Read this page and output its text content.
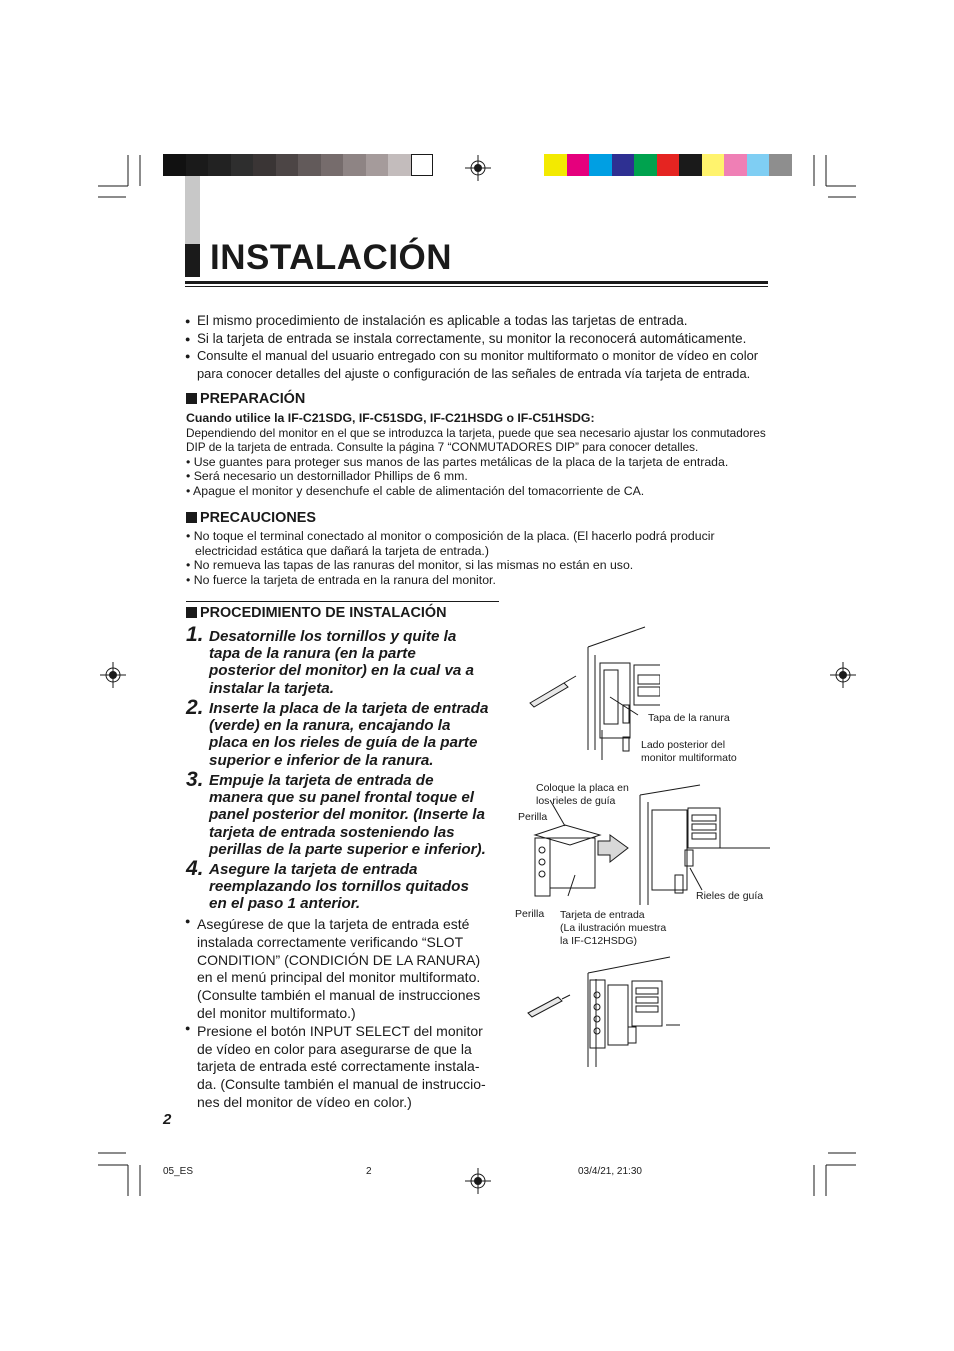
INSTALACIÓN

● El mismo procedimiento de instalación es aplicable a todas las tarjetas de entrada.

● Si la tarjeta de entrada se instala correctamente, su monitor la reconocerá automáticamente.

● Consulte el manual del usuario entregado con su monitor multiformato o monitor de vídeo en color

para conocer detalles del ajuste o configuración de las señales de entrada vía tarjeta de entrada.

PREPARACIÓN

Cuando utilice la IF-C21SDG, IF-C51SDG, IF-C21HSDG o IF-C51HSDG:

Dependiendo del monitor en el que se introduzca la tarjeta, puede que sea necesario ajustar los conmutadores

DIP de la tarjeta de entrada. Consulte la página 7 “CONMUTADORES DIP” para conocer detalles.

• Use guantes para proteger sus manos de las partes metálicas de la placa de la tarjeta de entrada.

• Será necesario un destornillador Phillips de 6 mm.

• Apague el monitor y desenchufe el cable de alimentación del tomacorriente de CA.

PRECAUCIONES

• No toque el terminal conectado al monitor o composición de la placa. (El hacerlo podrá producir

electricidad estática que dañará la tarjeta de entrada.)

• No remueva las tapas de las ranuras del monitor, si las mismas no están en uso.

• No fuerce la tarjeta de entrada en la ranura del monitor.

PROCEDIMIENTO DE INSTALACIÓN

1. Desatornille los tornillos y quite la
tapa de la ranura (en la parte
posterior del monitor) en la cual va a
instalar la tarjeta.
2. Inserte la placa de la tarjeta de entrada
(verde) en la ranura, encajando la
placa en los rieles de guía de la parte
superior e inferior de la ranura.
3. Empuje la tarjeta de entrada de
manera que su panel frontal toque el
panel posterior del monitor. (Inserte la
tarjeta de entrada sosteniendo las
perillas de la parte superior e inferior).
4. Asegure la tarjeta de entrada
reemplazando los tornillos quitados
en el paso 1 anterior.
● Asegúrese de que la tarjeta de entrada esté

instalada correctamente verificando “SLOT

CONDITION” (CONDICIÓN DE LA RANURA)

en el menú principal del monitor multiformato.

(Consulte también el manual de instrucciones

del monitor multiformato.)

● Presione el botón INPUT SELECT del monitor

de vídeo en color para asegurarse de que la

tarjeta de entrada esté correctamente instala-

da. (Consulte también el manual de instruccio-

nes del monitor de vídeo en color.)

2
Tapa de la ranura
Lado posterior del
monitor multiformato
Coloque la placa en
los rieles de guía
Perilla
Rieles de guía
Perilla Tarjeta de entrada
(La ilustración muestra
la IF-C12HSDG)
05_ES	2	03/4/21, 21:30
